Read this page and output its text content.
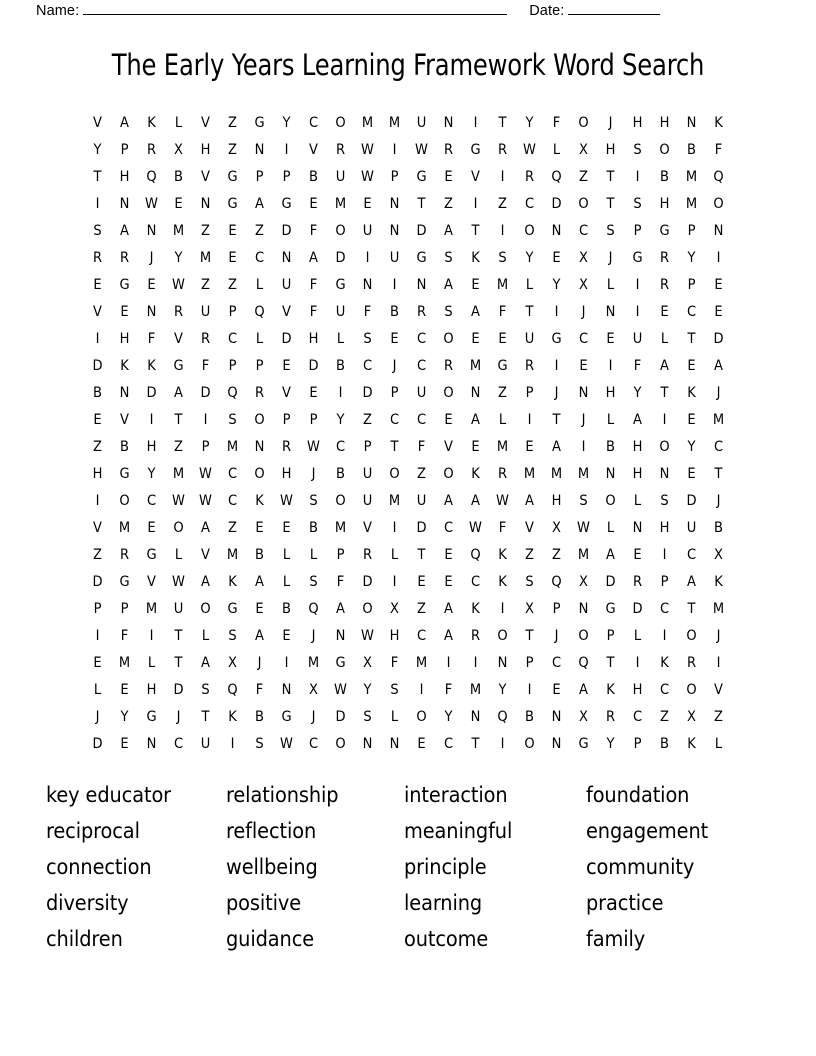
Name:	Date:
The Early Years Learning Framework Word Search
V	A	K	L	V	Z	G	Y	C	O	M	M	U	N	I	T	Y	F	O	J	H	H	N	K
Y	P	R	X	H	Z	N	I	V	R	W	I	W	R	G	R	W	L	X	H	S	O	B	F
T	H	Q	B	V	G	P	P	B	U	W	P	G	E	V	I	R	Q	Z	T	I	B	M	Q
I	N	W	E	N	G	A	G	E	M	E	N	T	Z	I	Z	C	D	O	T	S	H	M	O
S	A	N	M	Z	E	Z	D	F	O	U	N	D	A	T	I	O	N	C	S	P	G	P	N
R	R	J	Y	M	E	C	N	A	D	I	U	G	S	K	S	Y	E	X	J	G	R	Y	I
E	G	E	W	Z	Z	L	U	F	G	N	I	N	A	E	M	L	Y	X	L	I	R	P	E
V	E	N	R	U	P	Q	V	F	U	F	B	R	S	A	F	T	I	J	N	I	E	C	E
I	H	F	V	R	C	L	D	H	L	S	E	C	O	E	E	U	G	C	E	U	L	T	D
D	K	K	G	F	P	P	E	D	B	C	J	C	R	M	G	R	I	E	I	F	A	E	A
B	N	D	A	D	Q	R	V	E	I	D	P	U	O	N	Z	P	J	N	H	Y	T	K	J
E	V	I	T	I	S	O	P	P	Y	Z	C	C	E	A	L	I	T	J	L	A	I	E	M
Z	B	H	Z	P	M	N	R	W	C	P	T	F	V	E	M	E	A	I	B	H	O	Y	C
H	G	Y	M	W	C	O	H	J	B	U	O	Z	O	K	R	M	M	M	N	H	N	E	T
I	O	C	W W	C	K	W	S	O	U	M	U	A	A	W	A	H	S	O	L	S	D	J
V	M	E	O	A	Z	E	E	B	M	V	I	D	C	W	F	V	X	W	L	N	H	U	B
Z	R	G	L	V	M	B	L	L	P	R	L	T	E	Q	K	Z	Z	M	A	E	I	C	X
D	G	V	W	A	K	A	L	S	F	D	I	E	E	C	K	S	Q	X	D	R	P	A	K
P	P	M	U	O	G	E	B	Q	A	O	X	Z	A	K	I	X	P	N	G	D	C	T	M
I	F	I	T	L	S	A	E	J	N	W	H	C	A	R	O	T	J	O	P	L	I	O	J
E	M	L	T	A	X	J	I	M	G	X	F	M	I	I	N	P	C	Q	T	I	K	R	I
L	E	H	D	S	Q	F	N	X	W	Y	S	I	F	M	Y	I	E	A	K	H	C	O	V
J	Y	G	J	T	K	B	G	J	D	S	L	O	Y	N	Q	B	N	X	R	C	Z	X	Z
D	E	N	C	U	I	S	W	C	O	N	N	E	C	T	I	O	N	G	Y	P	B	K	L
key educator	relationship	interaction	foundation
reciprocal	reflection	meaningful	engagement
connection	wellbeing	principle	community
diversity	positive	learning	practice
children	guidance	outcome	family
